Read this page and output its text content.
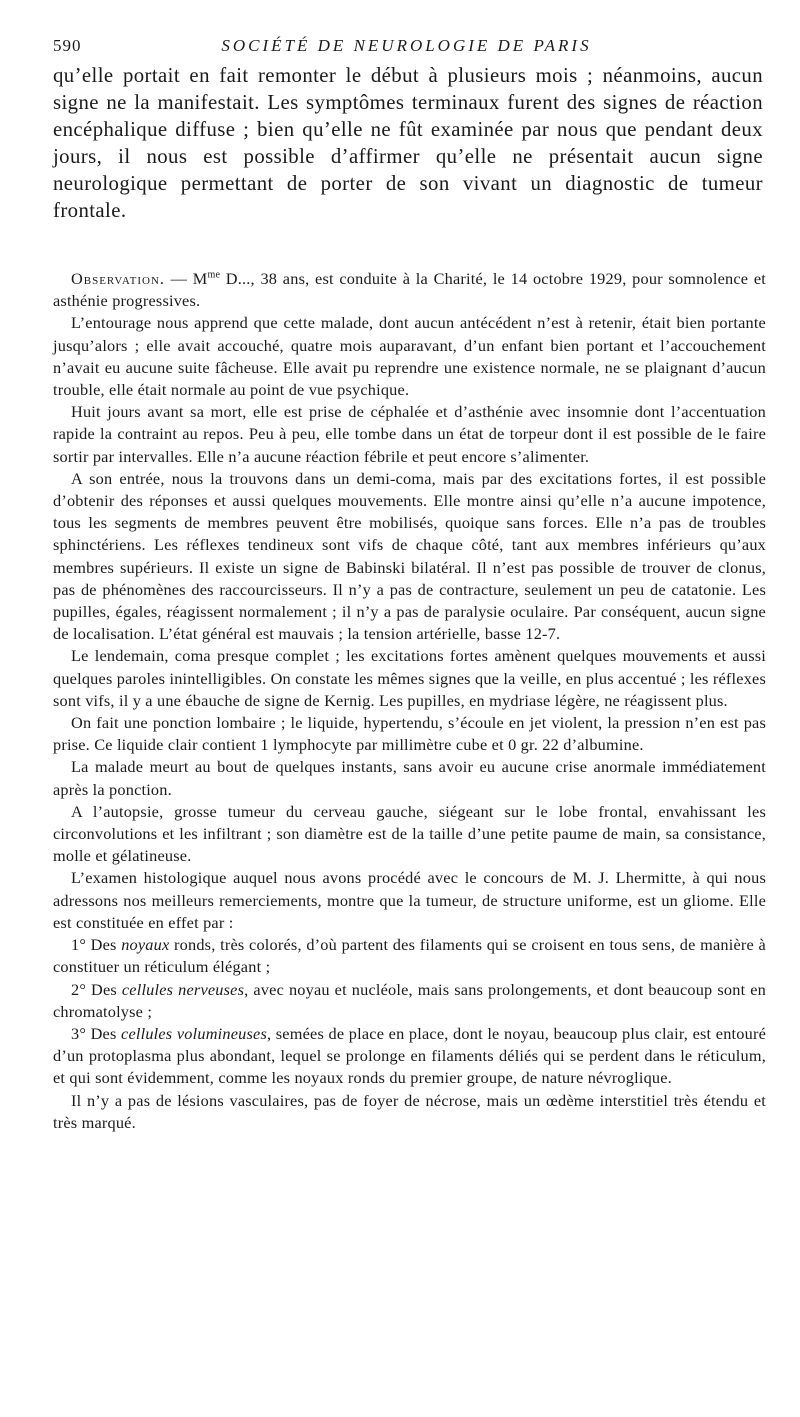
590	SOCIÉTÉ DE NEUROLOGIE DE PARIS

qu’elle portait en fait remonter le début à plusieurs mois ; néanmoins, aucun signe ne la manifestait. Les symptômes terminaux furent des signes de réaction encéphalique diffuse ; bien qu’elle ne fût examinée par nous que pendant deux jours, il nous est possible d’affirmer qu’elle ne présentait aucun signe neurologique permettant de porter de son vivant un diagnostic de tumeur frontale.

Observation. — $M^{me}$ D..., 38 ans, est conduite à la Charité, le 14 octobre 1929, pour somnolence et asthénie progressives.

L’entourage nous apprend que cette malade, dont aucun antécédent n’est à retenir, était bien portante jusqu’alors ; elle avait accouché, quatre mois auparavant, d’un enfant bien portant et l’accouchement n’avait eu aucune suite fâcheuse. Elle avait pu reprendre une existence normale, ne se plaignant d’aucun trouble, elle était normale au point de vue psychique.

Huit jours avant sa mort, elle est prise de céphalée et d’asthénie avec insomnie dont l’accentuation rapide la contraint au repos. Peu à peu, elle tombe dans un état de torpeur dont il est possible de le faire sortir par intervalles. Elle n’a aucune réaction fébrile et peut encore s’alimenter.

A son entrée, nous la trouvons dans un demi-coma, mais par des excitations fortes, il est possible d’obtenir des réponses et aussi quelques mouvements. Elle montre ainsi qu’elle n’a aucune impotence, tous les segments de membres peuvent être mobilisés, quoique sans forces. Elle n’a pas de troubles sphinctériens. Les réflexes tendineux sont vifs de chaque côté, tant aux membres inférieurs qu’aux membres supérieurs. Il existe un signe de Babinski bilatéral. Il n’est pas possible de trouver de clonus, pas de phénomènes des raccourcisseurs. Il n’y a pas de contracture, seulement un peu de catatonie. Les pupilles, égales, réagissent normalement ; il n’y a pas de paralysie oculaire. Par conséquent, aucun signe de localisation. L’état général est mauvais ; la tension artérielle, basse 12-7.

Le lendemain, coma presque complet ; les excitations fortes amènent quelques mouvements et aussi quelques paroles inintelligibles. On constate les mêmes signes que la veille, en plus accentué ; les réflexes sont vifs, il y a une ébauche de signe de Kernig. Les pupilles, en mydriase légère, ne réagissent plus.

On fait une ponction lombaire ; le liquide, hypertendu, s’écoule en jet violent, la pression n’en est pas prise. Ce liquide clair contient 1 lymphocyte par millimètre cube et 0 gr. 22 d’albumine.

La malade meurt au bout de quelques instants, sans avoir eu aucune crise anormale immédiatement après la ponction.

A l’autopsie, grosse tumeur du cerveau gauche, siégeant sur le lobe frontal, envahissant les circonvolutions et les infiltrant ; son diamètre est de la taille d’une petite paume de main, sa consistance, molle et gélatineuse.

L’examen histologique auquel nous avons procédé avec le concours de M. J. Lhermitte, à qui nous adressons nos meilleurs remerciements, montre que la tumeur, de structure uniforme, est un gliome. Elle est constituée en effet par :

1° Des noyaux ronds, très colorés, d’où partent des filaments qui se croisent en tous sens, de manière à constituer un réticulum élégant ;

2° Des cellules nerveuses, avec noyau et nucléole, mais sans prolongements, et dont beaucoup sont en chromatolyse ;

3° Des cellules volumineuses, semées de place en place, dont le noyau, beaucoup plus clair, est entouré d’un protoplasma plus abondant, lequel se prolonge en filaments déliés qui se perdent dans le réticulum, et qui sont évidemment, comme les noyaux ronds du premier groupe, de nature névroglique.

Il n’y a pas de lésions vasculaires, pas de foyer de nécrose, mais un œdème interstitiel très étendu et très marqué.
